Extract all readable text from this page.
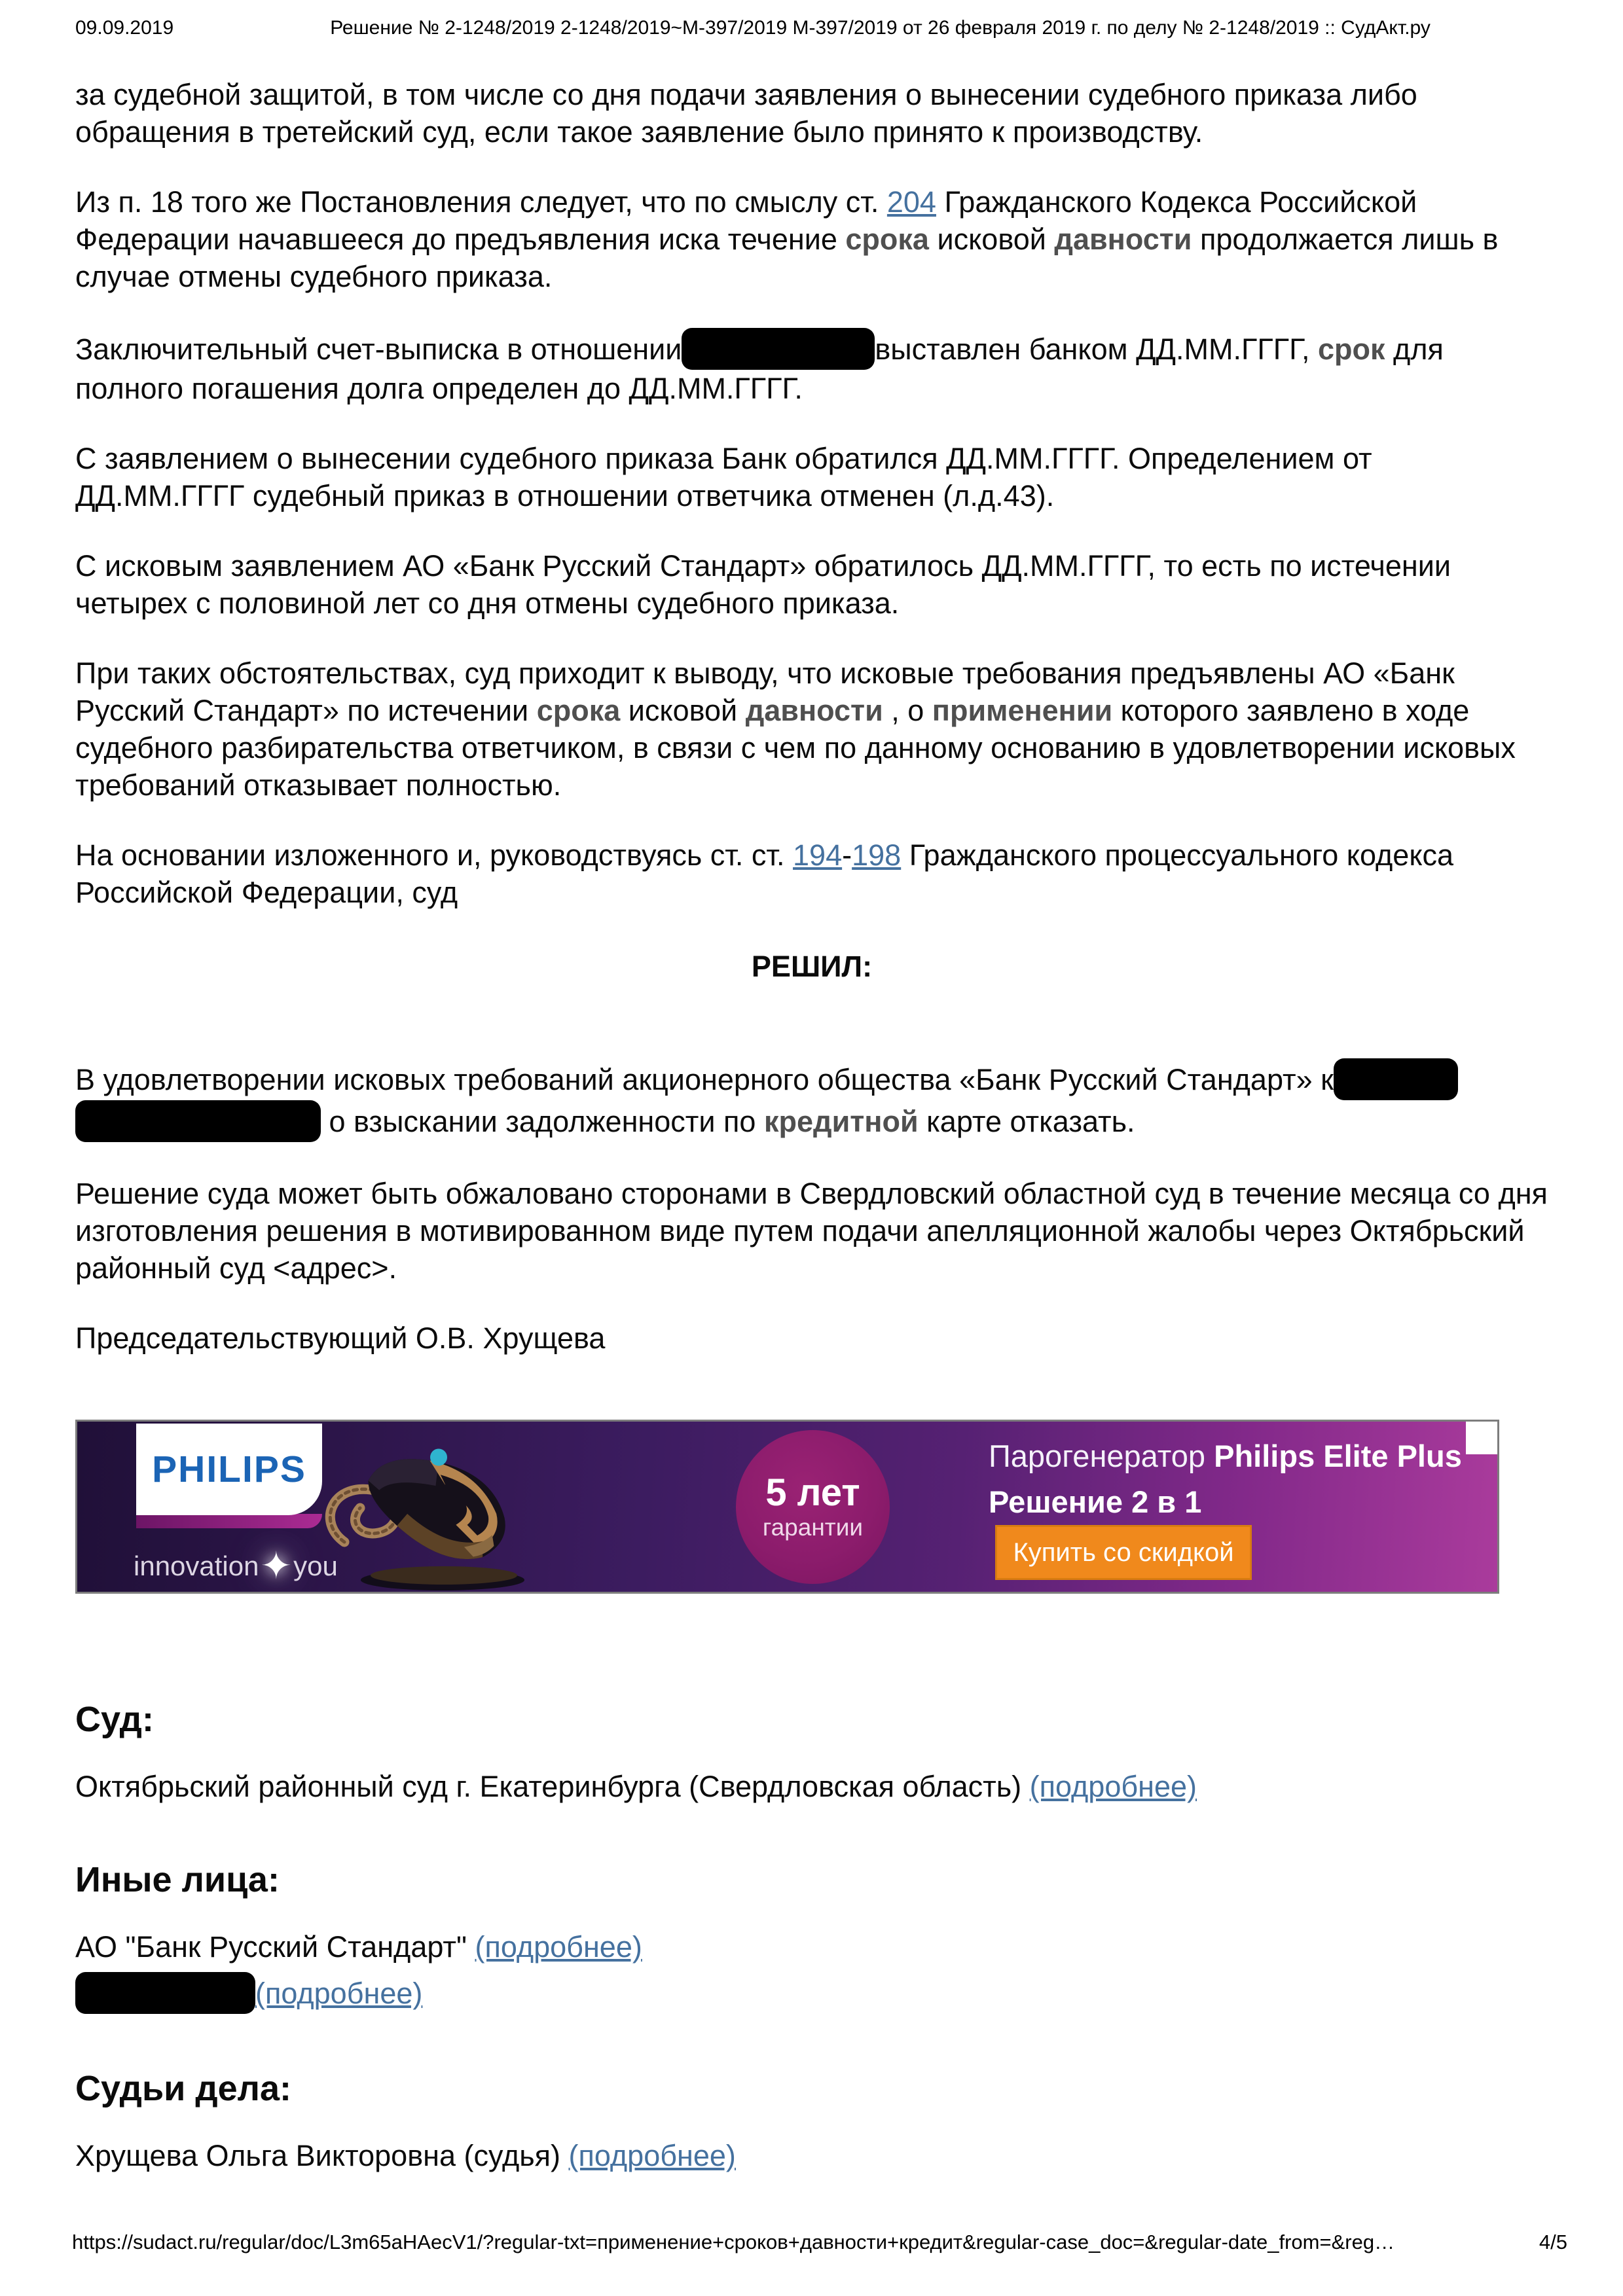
09.09.2019	Решение № 2-1248/2019 2-1248/2019~М-397/2019 М-397/2019 от 26 февраля 2019 г. по делу № 2-1248/2019 :: СудАкт.ру

за судебной защитой, в том числе со дня подачи заявления о вынесении судебного приказа либо обращения в третейский суд, если такое заявление было принято к производству.

Из п. 18 того же Постановления следует, что по смыслу ст. 204 Гражданского Кодекса Российской Федерации начавшееся до предъявления иска течение срока исковой давности продолжается лишь в случае отмены судебного приказа.

Заключительный счет-выписка в отношении	выставлен банком ДД.ММ.ГГГГ, срок для полного погашения долга определен до ДД.ММ.ГГГГ.

С заявлением о вынесении судебного приказа Банк обратился ДД.ММ.ГГГГ. Определением от ДД.ММ.ГГГГ судебный приказ в отношении ответчика отменен (л.д.43).

С исковым заявлением АО «Банк Русский Стандарт» обратилось ДД.ММ.ГГГГ, то есть по истечении четырех с половиной лет со дня отмены судебного приказа.

При таких обстоятельствах, суд приходит к выводу, что исковые требования предъявлены АО «Банк Русский Стандарт» по истечении срока исковой давности , о применении которого заявлено в ходе судебного разбирательства ответчиком, в связи с чем по данному основанию в удовлетворении исковых требований отказывает полностью.

На основании изложенного и, руководствуясь ст. ст. 194-198 Гражданского процессуального кодекса Российской Федерации, суд

РЕШИЛ:

В удовлетворении исковых требований акционерного общества «Банк Русский Стандарт» к  о взыскании задолженности по кредитной карте отказать.

Решение суда может быть обжаловано сторонами в Свердловский областной суд в течение месяца со дня изготовления решения в мотивированном виде путем подачи апелляционной жалобы через Октябрьский районный суд <адрес>.

Председательствующий О.В. Хрущева

PHILIPS
innovation ✦ you
5 лет
гарантии
Парогенератор Philips Elite Plus
Решение 2 в 1
Купить со скидкой
Суд:

Октябрьский районный суд г. Екатеринбурга (Свердловская область) (подробнее)

Иные лица:

АО "Банк Русский Стандарт" (подробнее)
(подробнее)

Судьи дела:

Хрущева Ольга Викторовна (судья) (подробнее)

https://sudact.ru/regular/doc/L3m65aHAecV1/?regular-txt=применение+сроков+давности+кредит&regular-case_doc=&regular-date_from=&reg…	4/5
